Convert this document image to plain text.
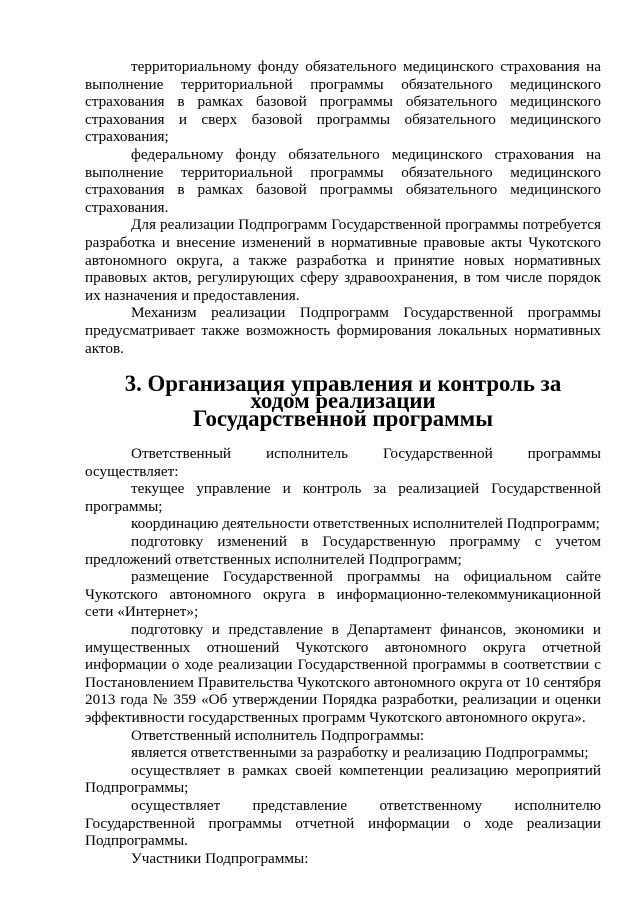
территориальному фонду обязательного медицинского страхования на выполнение территориальной программы обязательного медицинского страхования в рамках базовой программы обязательного медицинского страхования и сверх базовой программы обязательного медицинского страхования;

федеральному фонду обязательного медицинского страхования на выполнение территориальной программы обязательного медицинского страхования в рамках базовой программы обязательного медицинского страхования.

Для реализации Подпрограмм Государственной программы потребуется разработка и внесение изменений в нормативные правовые акты Чукотского автономного округа, а также разработка и принятие новых нормативных правовых актов, регулирующих сферу здравоохранения, в том числе порядок их назначения и предоставления.

Механизм реализации Подпрограмм Государственной программы предусматривает также возможность формирования локальных нормативных актов.

3. Организация управления и контроль за ходом реализации
Государственной программы

Ответственный исполнитель Государственной программы осуществляет:

текущее управление и контроль за реализацией Государственной программы;

координацию деятельности ответственных исполнителей Подпрограмм;

подготовку изменений в Государственную программу с учетом предложений ответственных исполнителей Подпрограмм;

размещение Государственной программы на официальном сайте Чукотского автономного округа в информационно-телекоммуникационной сети «Интернет»;

подготовку и представление в Департамент финансов, экономики и имущественных отношений Чукотского автономного округа отчетной информации о ходе реализации Государственной программы в соответствии с Постановлением Правительства Чукотского автономного округа от 10 сентября 2013 года № 359 «Об утверждении Порядка разработки, реализации и оценки эффективности государственных программ Чукотского автономного округа».

Ответственный исполнитель Подпрограммы:

является ответственными за разработку и реализацию Подпрограммы;

осуществляет в рамках своей компетенции реализацию мероприятий Подпрограммы;

осуществляет представление ответственному исполнителю Государственной программы отчетной информации о ходе реализации Подпрограммы.

Участники Подпрограммы:
